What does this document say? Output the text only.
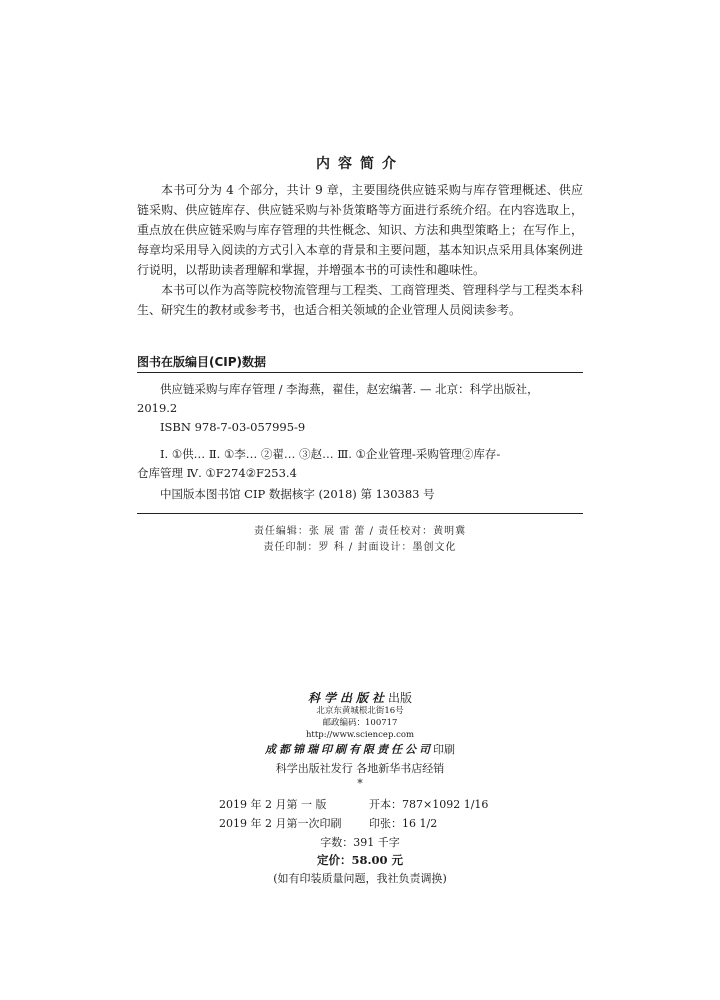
内容简介

本书可分为 4 个部分，共计 9 章，主要围绕供应链采购与库存管理概述、供应链采购、供应链库存、供应链采购与补货策略等方面进行系统介绍。在内容选取上，重点放在供应链采购与库存管理的共性概念、知识、方法和典型策略上；在写作上，每章均采用导入阅读的方式引入本章的背景和主要问题，基本知识点采用具体案例进行说明，以帮助读者理解和掌握，并增强本书的可读性和趣味性。

本书可以作为高等院校物流管理与工程类、工商管理类、管理科学与工程类本科生、研究生的教材或参考书，也适合相关领域的企业管理人员阅读参考。

图书在版编目(CIP)数据
供应链采购与库存管理 / 李海燕，翟佳，赵宏编著. — 北京：科学出版社，
2019.2
ISBN 978-7-03-057995-9
Ⅰ. ①供… Ⅱ. ①李… ②翟… ③赵… Ⅲ. ①企业管理-采购管理②库存-
仓库管理 Ⅳ. ①F274②F253.4
中国版本图书馆 CIP 数据核字 (2018) 第 130383 号
责任编辑：张 展 雷 蕾 / 责任校对：黄明冀
责任印制：罗 科 / 封面设计：墨创文化
科学出版社出版
北京东黄城根北街16号
邮政编码：100717
http://www.sciencep.com
成都锦瑞印刷有限责任公司印刷
科学出版社发行 各地新华书店经销
*
2019 年 2 月第 一 版	开本：787×1092 1/16
2019 年 2 月第一次印刷	印张：16 1/2
字数：391 千字
定价：58.00 元
(如有印装质量问题，我社负责调换)
